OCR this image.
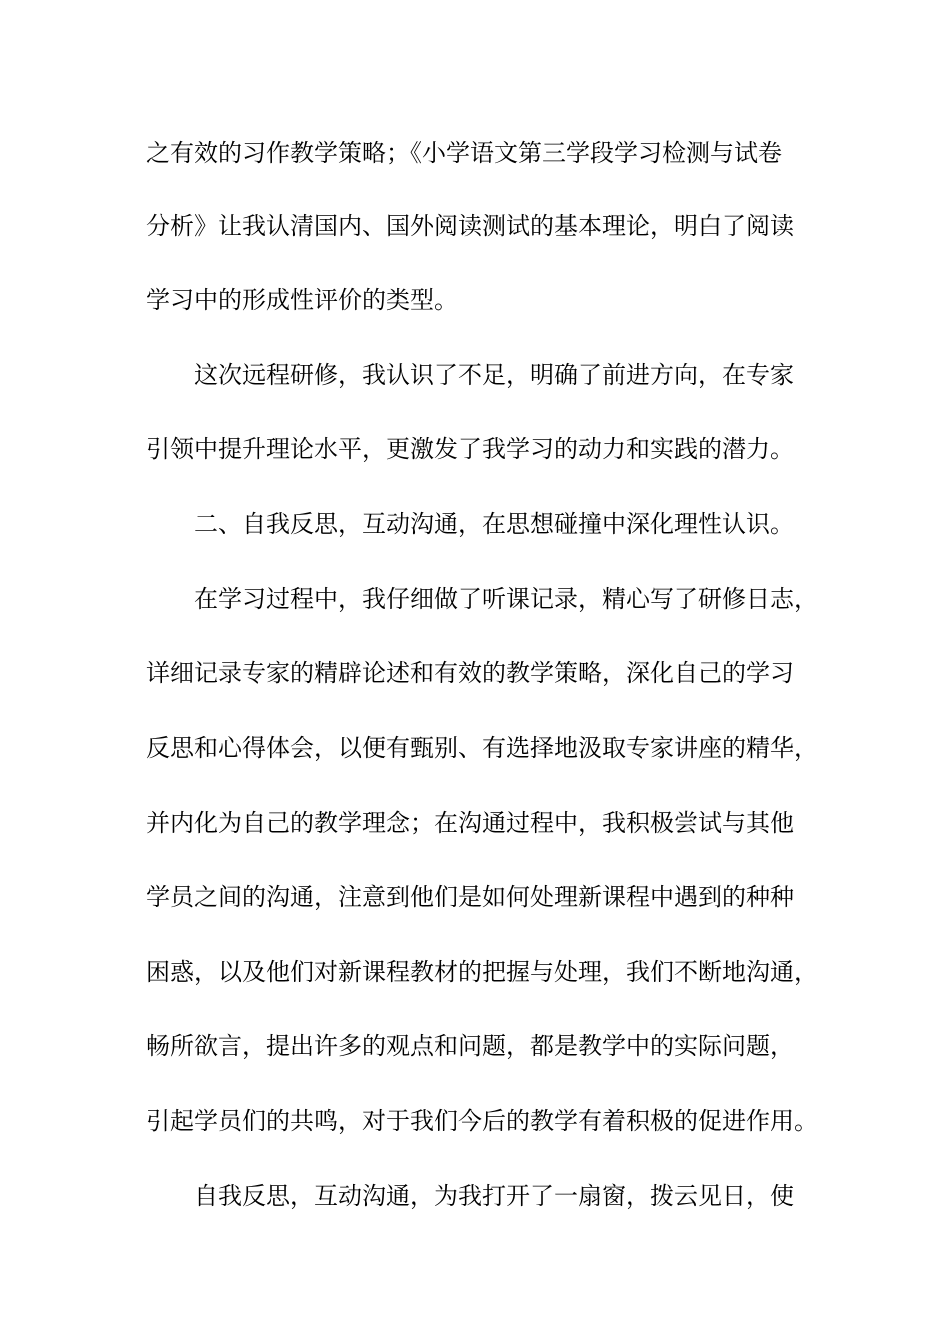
之有效的习作教学策略；《小学语文第三学段学习检测与试卷

分析》让我认清国内、国外阅读测试的基本理论，明白了阅读

学习中的形成性评价的类型。

这次远程研修，我认识了不足，明确了前进方向，在专家

引领中提升理论水平，更激发了我学习的动力和实践的潜力。

二、自我反思，互动沟通，在思想碰撞中深化理性认识。

在学习过程中，我仔细做了听课记录，精心写了研修日志，

详细记录专家的精辟论述和有效的教学策略，深化自己的学习

反思和心得体会，以便有甄别、有选择地汲取专家讲座的精华，

并内化为自己的教学理念；在沟通过程中，我积极尝试与其他

学员之间的沟通，注意到他们是如何处理新课程中遇到的种种

困惑，以及他们对新课程教材的把握与处理，我们不断地沟通，

畅所欲言，提出许多的观点和问题，都是教学中的实际问题，

引起学员们的共鸣，对于我们今后的教学有着积极的促进作用。

自我反思，互动沟通，为我打开了一扇窗，拨云见日，使
